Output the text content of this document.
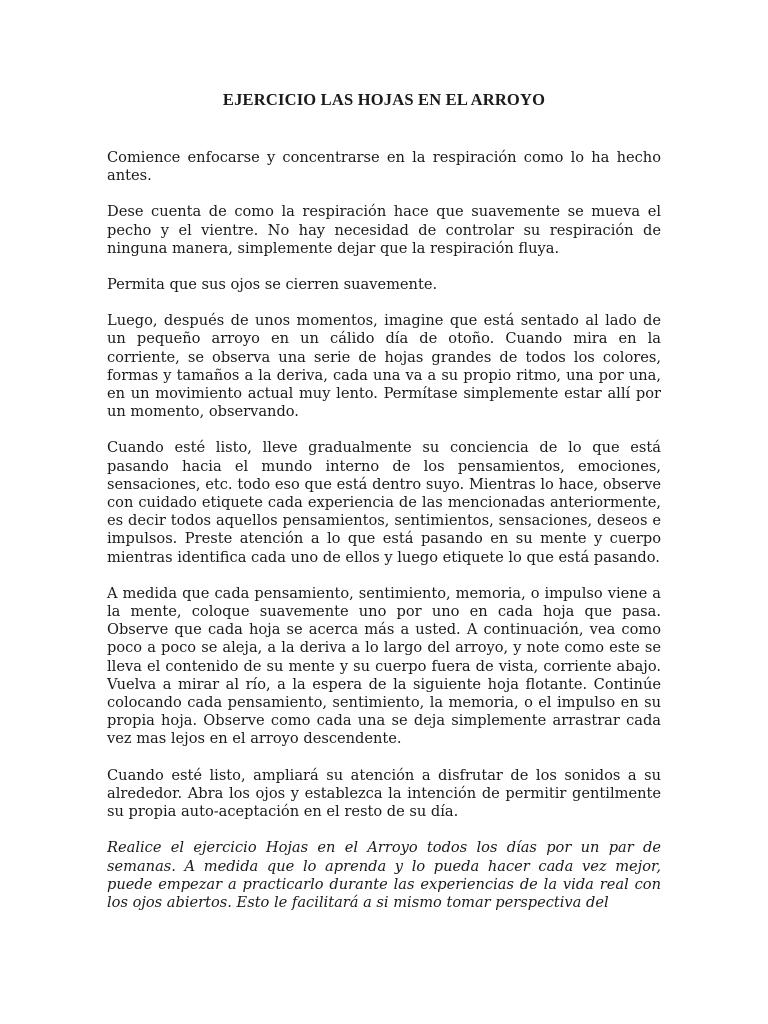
EJERCICIO LAS HOJAS EN EL ARROYO

Comience enfocarse y concentrarse en la respiración como lo ha hecho antes.

Dese cuenta de como la respiración hace que suavemente se mueva el pecho y el vientre. No hay necesidad de controlar su respiración de ninguna manera, simplemente dejar que la respiración fluya.

Permita que sus ojos se cierren suavemente.

Luego, después de unos momentos, imagine que está sentado al lado de un pequeño arroyo en un cálido día de otoño. Cuando mira en la corriente, se observa una serie de hojas grandes de todos los colores, formas y tamaños a la deriva, cada una va a su propio ritmo, una por una, en un movimiento actual muy lento. Permítase simplemente estar allí por un momento, observando.

Cuando esté listo, lleve gradualmente su conciencia de lo que está pasando hacia el mundo interno de los pensamientos, emociones, sensaciones, etc. todo eso que está dentro suyo. Mientras lo hace, observe con cuidado etiquete cada experiencia de las mencionadas anteriormente, es decir todos aquellos pensamientos, sentimientos, sensaciones, deseos e impulsos. Preste atención a lo que está pasando en su mente y cuerpo mientras identifica cada uno de ellos y luego etiquete lo que está pasando.

A medida que cada pensamiento, sentimiento, memoria, o impulso viene a la mente, coloque suavemente uno por uno en cada hoja que pasa. Observe que cada hoja se acerca más a usted. A continuación, vea como poco a poco se aleja, a la deriva a lo largo del arroyo, y note como este se lleva el contenido de su mente y su cuerpo fuera de vista, corriente abajo. Vuelva a mirar al río, a la espera de la siguiente hoja flotante. Continúe colocando cada pensamiento, sentimiento, la memoria, o el impulso en su propia hoja. Observe como cada una se deja simplemente arrastrar cada vez mas lejos en el arroyo descendente.

Cuando esté listo, ampliará su atención a disfrutar de los sonidos a su alrededor. Abra los ojos y establezca la intención de permitir gentilmente su propia auto-aceptación en el resto de su día.

Realice el ejercicio Hojas en el Arroyo todos los días por un par de semanas. A medida que lo aprenda y lo pueda hacer cada vez mejor, puede empezar a practicarlo durante las experiencias de la vida real con los ojos abiertos. Esto le facilitará a si mismo tomar perspectiva del
